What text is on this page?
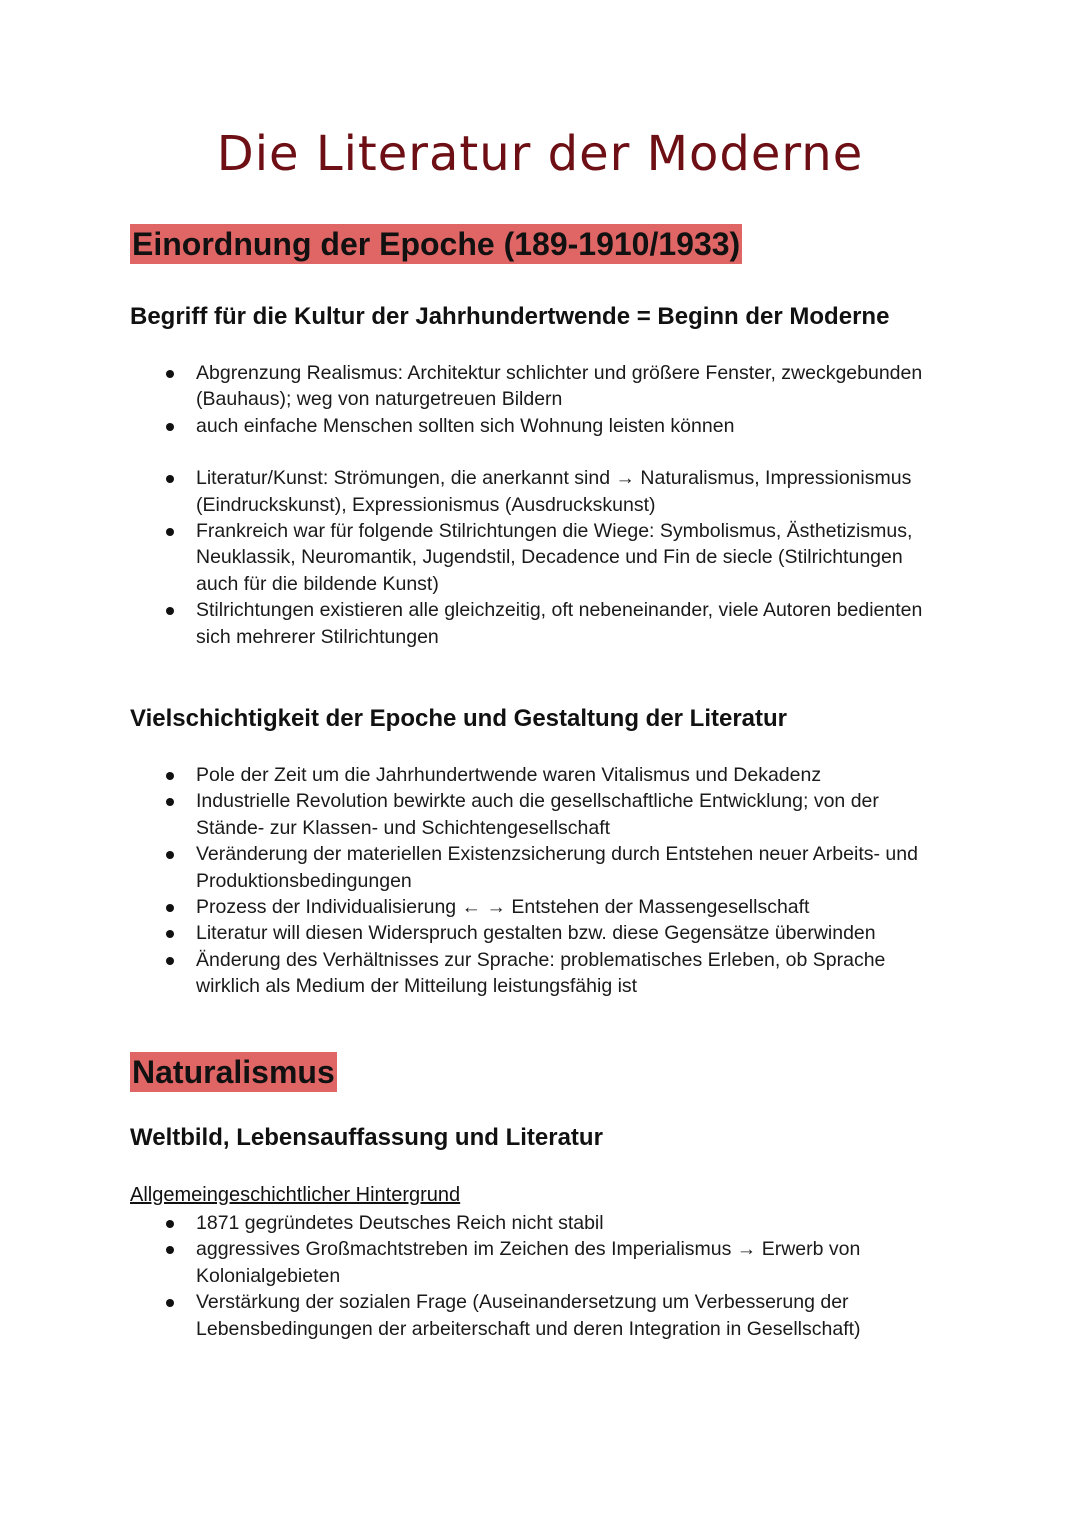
Die Literatur der Moderne
Einordnung der Epoche (189-1910/1933)
Begriff für die Kultur der Jahrhundertwende = Beginn der Moderne
Abgrenzung Realismus: Architektur schlichter und größere Fenster, zweckgebunden (Bauhaus); weg von naturgetreuen Bildern
auch einfache Menschen sollten sich Wohnung leisten können
Literatur/Kunst: Strömungen, die anerkannt sind → Naturalismus, Impressionismus (Eindruckskunst), Expressionismus (Ausdruckskunst)
Frankreich war für folgende Stilrichtungen die Wiege: Symbolismus, Ästhetizismus, Neuklassik, Neuromantik, Jugendstil, Decadence und Fin de siecle (Stilrichtungen auch für die bildende Kunst)
Stilrichtungen existieren alle gleichzeitig, oft nebeneinander, viele Autoren bedienten sich mehrerer Stilrichtungen
Vielschichtigkeit der Epoche und Gestaltung der Literatur
Pole der Zeit um die Jahrhundertwende waren Vitalismus und Dekadenz
Industrielle Revolution bewirkte auch die gesellschaftliche Entwicklung; von der Stände- zur Klassen- und Schichtengesellschaft
Veränderung der materiellen Existenzsicherung durch Entstehen neuer Arbeits- und Produktionsbedingungen
Prozess der Individualisierung ← → Entstehen der Massengesellschaft
Literatur will diesen Widerspruch gestalten bzw. diese Gegensätze überwinden
Änderung des Verhältnisses zur Sprache: problematisches Erleben, ob Sprache wirklich als Medium der Mitteilung leistungsfähig ist
Naturalismus
Weltbild, Lebensauffassung und Literatur

Allgemeingeschichtlicher Hintergrund

1871 gegründetes Deutsches Reich nicht stabil
aggressives Großmachtstreben im Zeichen des Imperialismus → Erwerb von Kolonialgebieten
Verstärkung der sozialen Frage (Auseinandersetzung um Verbesserung der Lebensbedingungen der arbeiterschaft und deren Integration in Gesellschaft)
